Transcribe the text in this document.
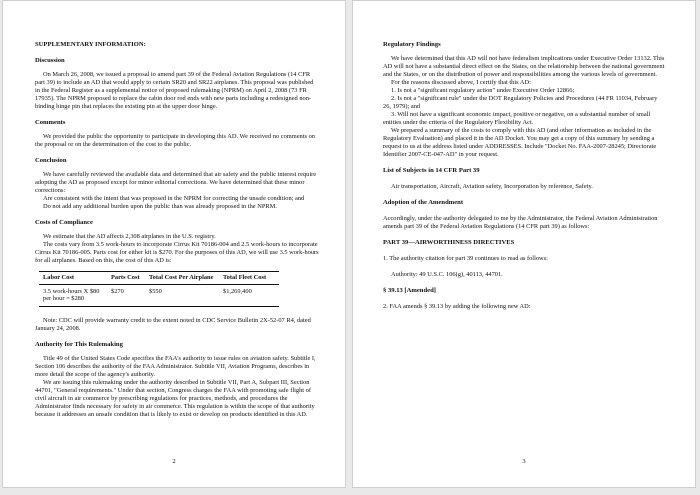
SUPPLEMENTARY INFORMATION:
Discussion

On March 26, 2008, we issued a proposal to amend part 39 of the Federal Aviation Regulations (14 CFR part 39) to include an AD that would apply to certain SR20 and SR22 airplanes. This proposal was published in the Federal Register as a supplemental notice of proposed rulemaking (NPRM) on April 2, 2008 (73 FR 17935). The NPRM proposed to replace the cabin door rod ends with new parts including a redesigned non-binding hinge pin that replaces the existing pin at the upper door hinge.

Comments

We provided the public the opportunity to participate in developing this AD. We received no comments on the proposal or on the determination of the cost to the public.

Conclusion

We have carefully reviewed the available data and determined that air safety and the public interest require adopting the AD as proposed except for minor editorial corrections. We have determined that these minor corrections:

Are consistent with the intent that was proposed in the NPRM for correcting the unsafe condition; and

Do not add any additional burden upon the public than was already proposed in the NPRM.

Costs of Compliance

We estimate that the AD affects 2,308 airplanes in the U.S. registry.

The costs vary from 3.5 work-hours to incorporate Cirrus Kit 70186-004 and 2.5 work-hours to incorporate Cirrus Kit 70186-005. Parts cost for either kit is $270. For the purposes of this AD, we will use 3.5 work-hours for all airplanes. Based on this, the cost of this AD is:

Labor Cost	Parts Cost	Total Cost Per Airplane	Total Fleet Cost
3.5 work-hours X $80 per hour = $280	$270	$550	$1,269,400

Note: CDC will provide warranty credit to the extent noted in CDC Service Bulletin 2X-52-07 R4, dated January 24, 2008.

Authority for This Rulemaking

Title 49 of the United States Code specifies the FAA's authority to issue rules on aviation safety. Subtitle I, Section 106 describes the authority of the FAA Administrator. Subtitle VII, Aviation Programs, describes in more detail the scope of the agency's authority.

We are issuing this rulemaking under the authority described in Subtitle VII, Part A, Subpart III, Section 44701, "General requirements." Under that section, Congress charges the FAA with promoting safe flight of civil aircraft in air commerce by prescribing regulations for practices, methods, and procedures the Administrator finds necessary for safety in air commerce. This regulation is within the scope of that authority because it addresses an unsafe condition that is likely to exist or develop on products identified in this AD.

2
Regulatory Findings

We have determined that this AD will not have federalism implications under Executive Order 13132. This AD will not have a substantial direct effect on the States, on the relationship between the national government and the States, or on the distribution of power and responsibilities among the various levels of government.

For the reasons discussed above, I certify that this AD:

1. Is not a "significant regulatory action" under Executive Order 12866;

2. Is not a "significant rule" under the DOT Regulatory Policies and Procedures (44 FR 11034, February 26, 1979); and

3. Will not have a significant economic impact, positive or negative, on a substantial number of small entities under the criteria of the Regulatory Flexibility Act.

We prepared a summary of the costs to comply with this AD (and other information as included in the Regulatory Evaluation) and placed it in the AD Docket. You may get a copy of this summary by sending a request to us at the address listed under ADDRESSES. Include "Docket No. FAA-2007-28245; Directorate Identifier 2007-CE-047-AD" in your request.

List of Subjects in 14 CFR Part 39

Air transportation, Aircraft, Aviation safety, Incorporation by reference, Safety.

Adoption of the Amendment

Accordingly, under the authority delegated to me by the Administrator, the Federal Aviation Administration amends part 39 of the Federal Aviation Regulations (14 CFR part 39) as follows:

PART 39—AIRWORTHINESS DIRECTIVES

1. The authority citation for part 39 continues to read as follows:

Authority: 49 U.S.C. 106(g), 40113, 44701.

§ 39.13 [Amended]

2. FAA amends § 39.13 by adding the following new AD:

3
